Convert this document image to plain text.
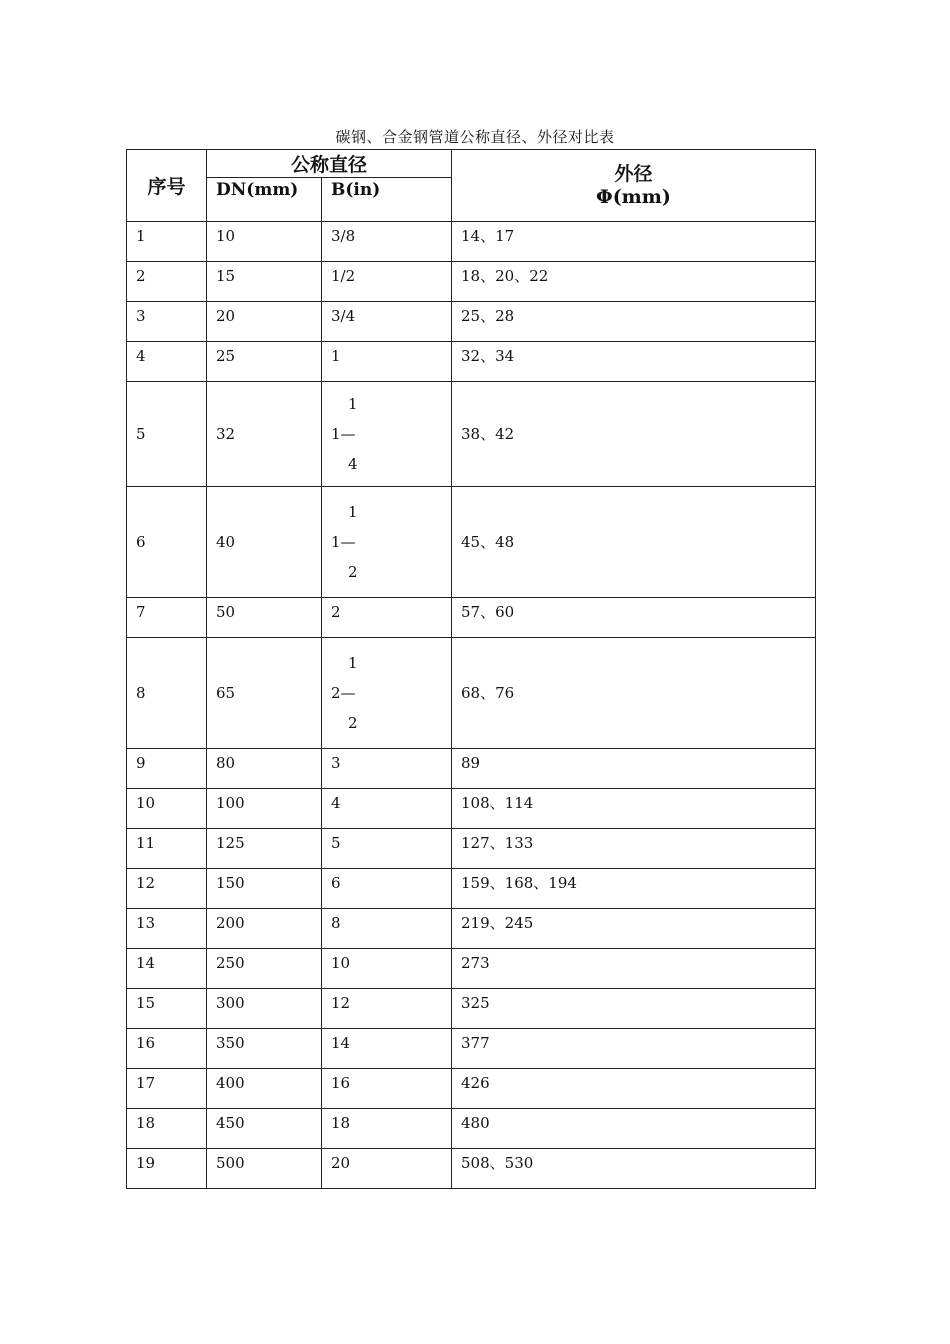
碳钢、合金钢管道公称直径、外径对比表
序号	公称直径		外径
Φ(mm)

	DN(mm)	B(in)	
1	10	3/8	14、17
2	15	1/2	18、20、22
3	20	3/4	25、28
4	25	1	32、34
5	32	1
1—
4	38、42
6	40	1
1—
2	45、48
7	50	2	57、60
8	65	1
2—
2	68、76
9	80	3	89
10	100	4	108、114
11	125	5	127、133
12	150	6	159、168、194
13	200	8	219、245
14	250	10	273
15	300	12	325
16	350	14	377
17	400	16	426
18	450	18	480
19	500	20	508、530
